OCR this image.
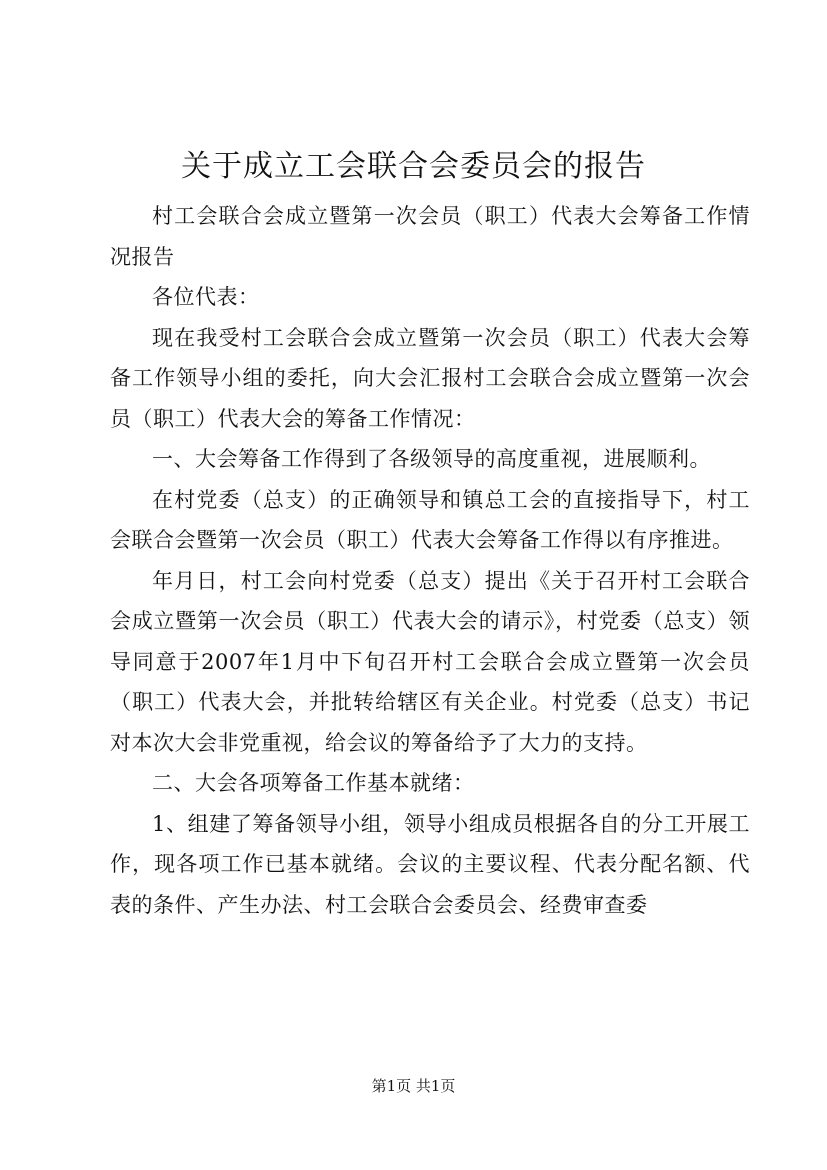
关于成立工会联合会委员会的报告

村工会联合会成立暨第一次会员（职工）代表大会筹备工作情况报告

各位代表：

现在我受村工会联合会成立暨第一次会员（职工）代表大会筹备工作领导小组的委托，向大会汇报村工会联合会成立暨第一次会员（职工）代表大会的筹备工作情况：

一、大会筹备工作得到了各级领导的高度重视，进展顺利。

在村党委（总支）的正确领导和镇总工会的直接指导下，村工会联合会暨第一次会员（职工）代表大会筹备工作得以有序推进。

年月日，村工会向村党委（总支）提出《关于召开村工会联合会成立暨第一次会员（职工）代表大会的请示》，村党委（总支）领导同意于2007年1月中下旬召开村工会联合会成立暨第一次会员（职工）代表大会，并批转给辖区有关企业。村党委（总支）书记对本次大会非党重视，给会议的筹备给予了大力的支持。

二、大会各项筹备工作基本就绪：

1、组建了筹备领导小组，领导小组成员根据各自的分工开展工作，现各项工作已基本就绪。会议的主要议程、代表分配名额、代表的条件、产生办法、村工会联合会委员会、经费审查委

第1页 共1页
